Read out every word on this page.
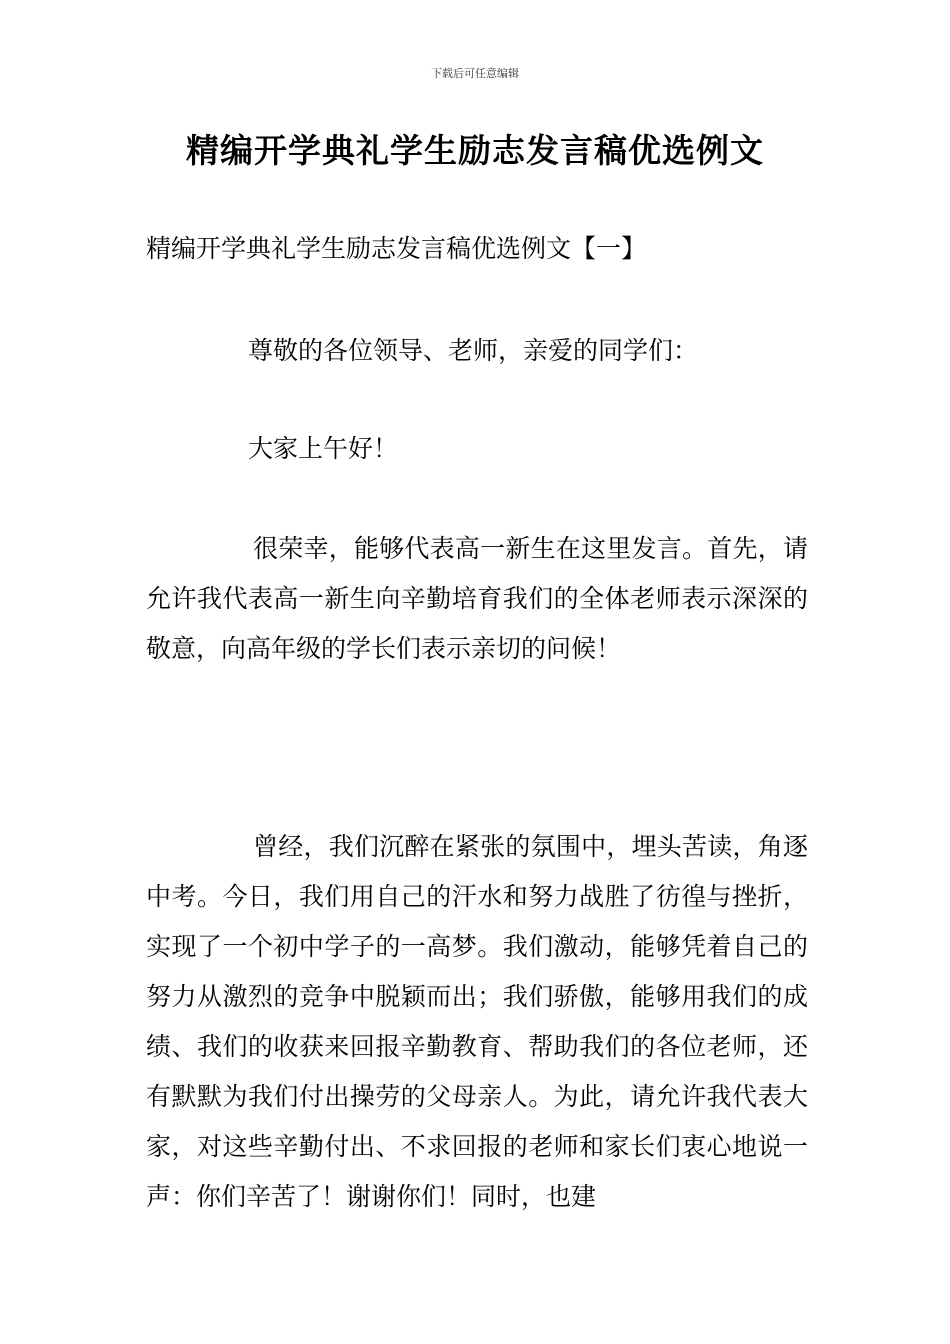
下载后可任意编辑
精编开学典礼学生励志发言稿优选例文

精编开学典礼学生励志发言稿优选例文【一】

尊敬的各位领导、老师，亲爱的同学们：

大家上午好！

很荣幸，能够代表高一新生在这里发言。首先，请允许我代表高一新生向辛勤培育我们的全体老师表示深深的敬意，向高年级的学长们表示亲切的问候！

曾经，我们沉醉在紧张的氛围中，埋头苦读，角逐中考。今日，我们用自己的汗水和努力战胜了彷徨与挫折，实现了一个初中学子的一高梦。我们激动，能够凭着自己的努力从激烈的竞争中脱颖而出；我们骄傲，能够用我们的成绩、我们的收获来回报辛勤教育、帮助我们的各位老师，还有默默为我们付出操劳的父母亲人。为此，请允许我代表大家，对这些辛勤付出、不求回报的老师和家长们衷心地说一声：你们辛苦了！谢谢你们！同时，也建
